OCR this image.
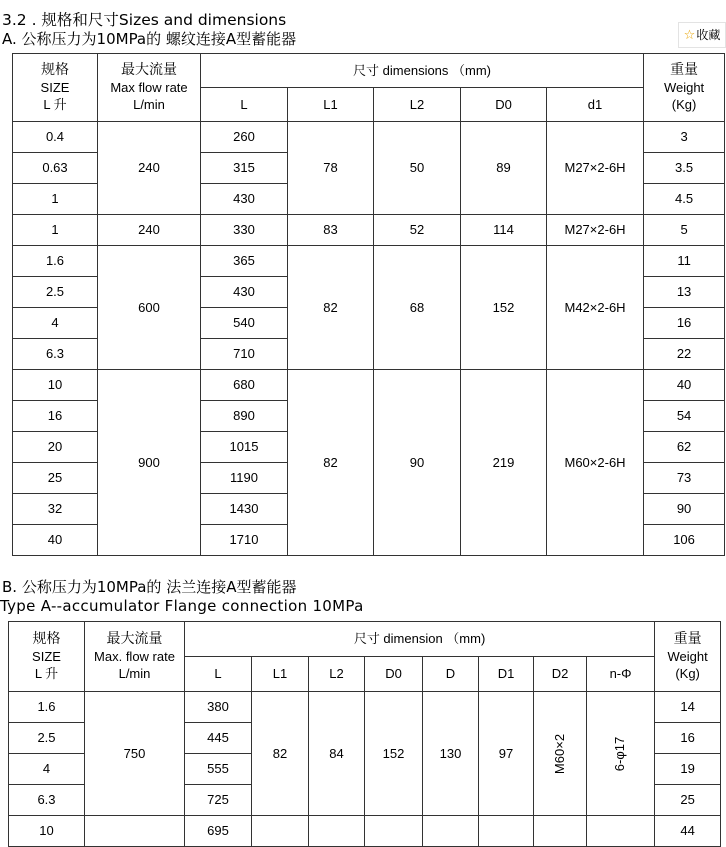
3.2 . 规格和尺寸Sizes and dimensions
A. 公称压力为10MPa的 螺纹连接A型蓄能器	☆收藏
规格
SIZE
L 升	最大流量
Max flow rate
L/min	尺寸 dimensions （mm)					重量
Weight
(Kg)

		L	L1	L2	D0	d1	
0.4	240	260	78	50	89	M27×2-6H	3
0.63		315					3.5
1		430					4.5
1	240	330	83	52	114	M27×2-6H	5
1.6	600	365	82	68	152	M42×2-6H	11
2.5		430					13
4		540					16
6.3		710					22
10	900	680	82	90	219	M60×2-6H	40
16		890					54
20		1015					62
25		1190					73
32		1430					90
40		1710					106
B. 公称压力为10MPa的 法兰连接A型蓄能器
Type A--accumulator Flange connection 10MPa
规格
SIZE
L 升	最大流量
Max. flow rate
L/min	尺寸 dimension （mm)								重量
Weight
(Kg)

		L	L1	L2	D0	D	D1	D2	n-Φ	
1.6	750	380	82	84	152	130	97	M60×2	6-φ17	14
2.5		445								16
4		555								19
6.3		725								25
10		695								44
